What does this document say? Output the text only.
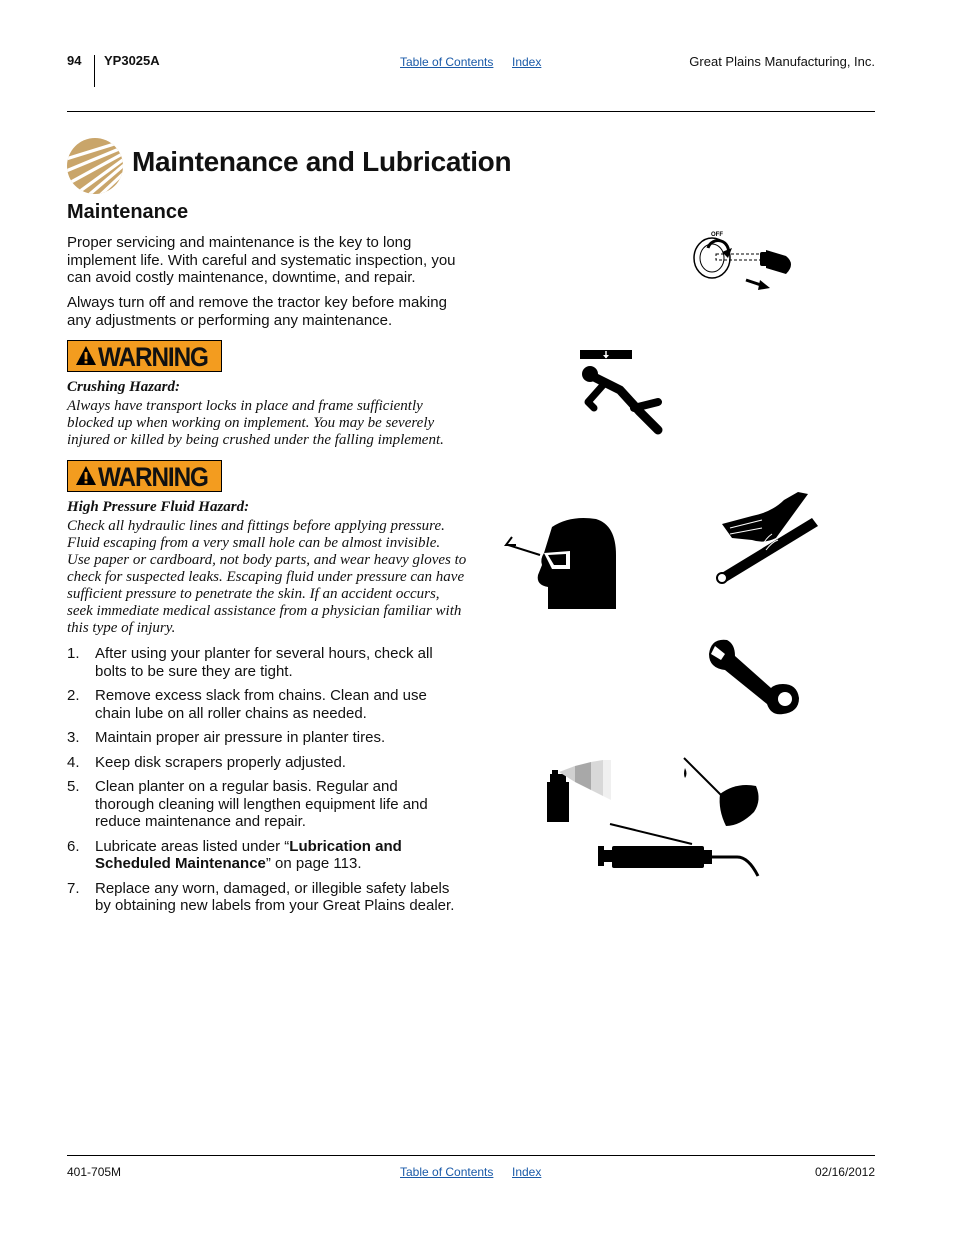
94 YP3025A	Table of Contents Index	Great Plains Manufacturing, Inc.
Maintenance and Lubrication
Maintenance
Proper servicing and maintenance is the key to long implement life. With careful and systematic inspection, you can avoid costly maintenance, downtime, and repair.
Always turn off and remove the tractor key before making any adjustments or performing any maintenance.
WARNING
Crushing Hazard:
Always have transport locks in place and frame sufficiently blocked up when working on implement. You may be severely injured or killed by being crushed under the falling implement.
WARNING
High Pressure Fluid Hazard:
Check all hydraulic lines and fittings before applying pressure. Fluid escaping from a very small hole can be almost invisible. Use paper or cardboard, not body parts, and wear heavy gloves to check for suspected leaks. Escaping fluid under pressure can have sufficient pressure to penetrate the skin. If an accident occurs, seek immediate medical assistance from a physician familiar with this type of injury.
1. After using your planter for several hours, check all bolts to be sure they are tight.
2. Remove excess slack from chains. Clean and use chain lube on all roller chains as needed.
3. Maintain proper air pressure in planter tires.
4. Keep disk scrapers properly adjusted.
5. Clean planter on a regular basis. Regular and thorough cleaning will lengthen equipment life and reduce maintenance and repair.
6. Lubricate areas listed under “Lubrication and Scheduled Maintenance” on page 113.
7. Replace any worn, damaged, or illegible safety labels by obtaining new labels from your Great Plains dealer.
OFF
401-705M	Table of Contents Index	02/16/2012
